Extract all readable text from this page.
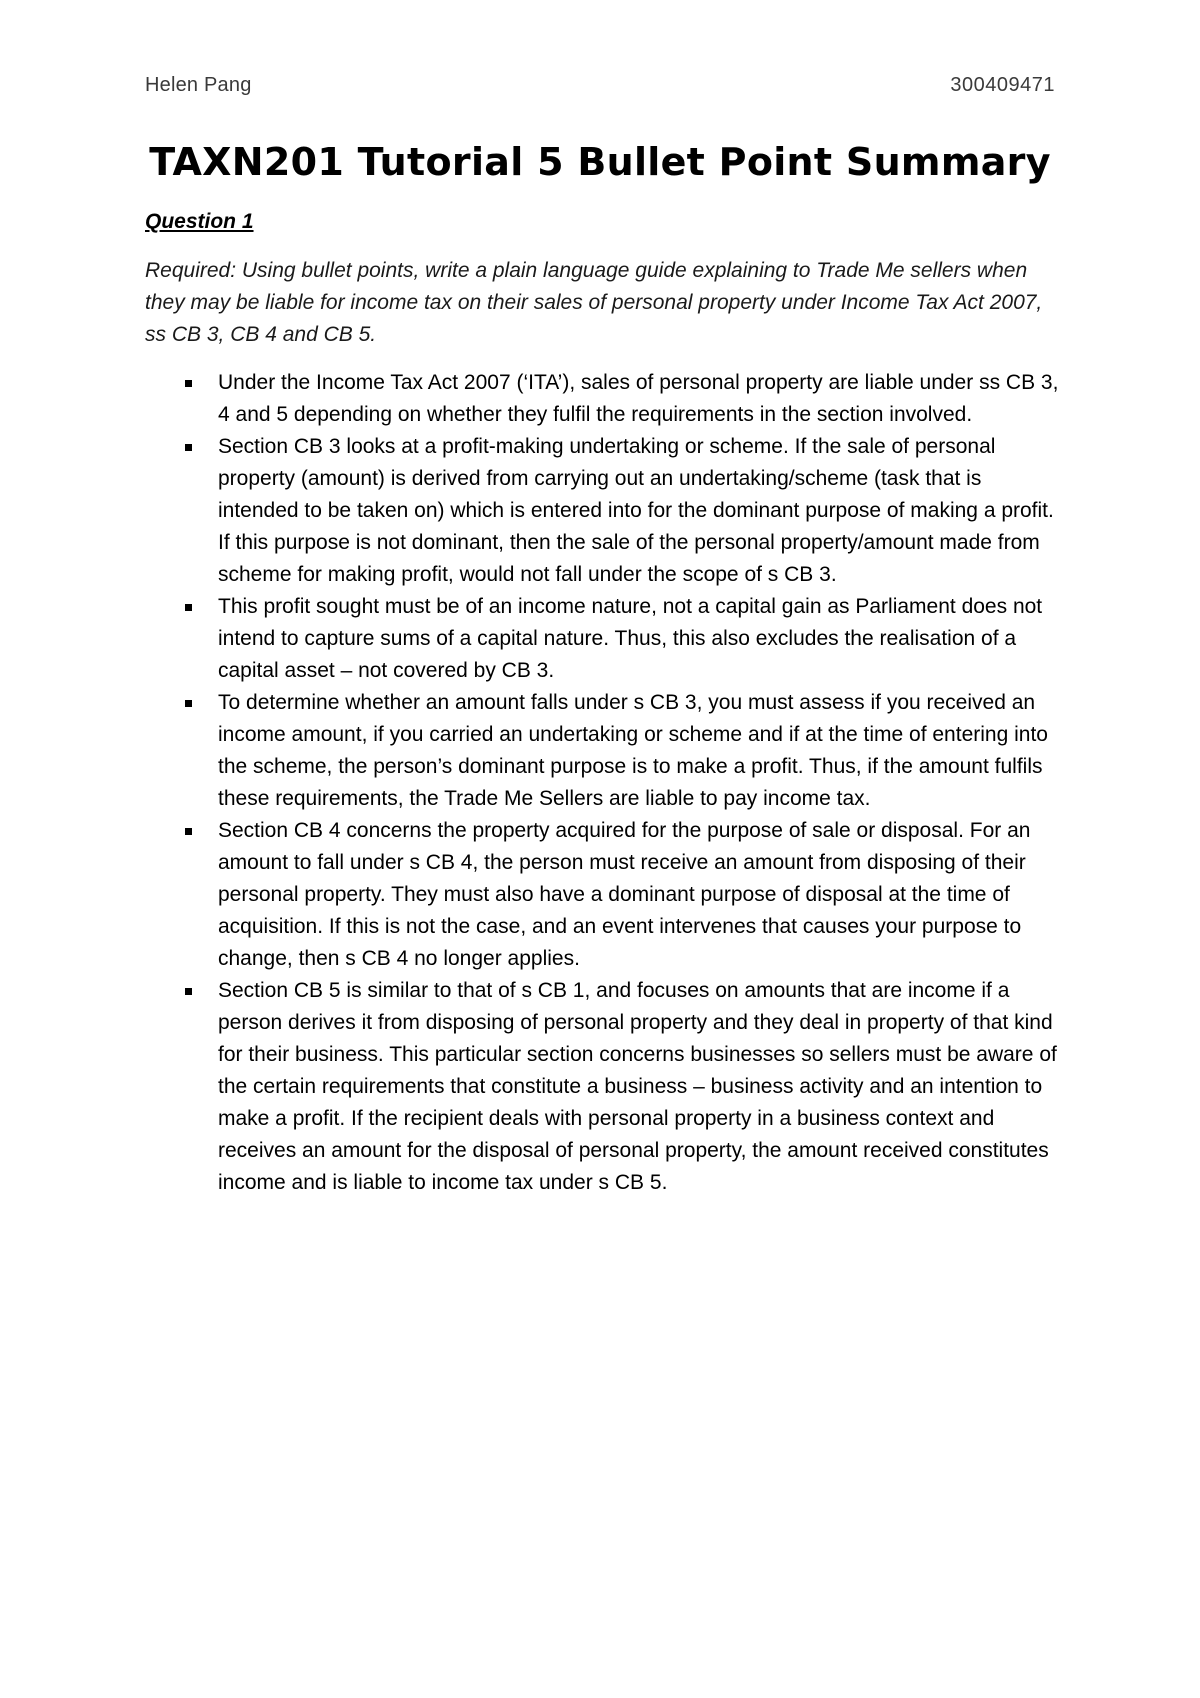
Helen Pang	300409471
TAXN201 Tutorial 5 Bullet Point Summary
Question 1
Required: Using bullet points, write a plain language guide explaining to Trade Me sellers when they may be liable for income tax on their sales of personal property under Income Tax Act 2007, ss CB 3, CB 4 and CB 5.
Under the Income Tax Act 2007 (‘ITA’), sales of personal property are liable under ss CB 3, 4 and 5 depending on whether they fulfil the requirements in the section involved.
Section CB 3 looks at a profit-making undertaking or scheme. If the sale of personal property (amount) is derived from carrying out an undertaking/scheme (task that is intended to be taken on) which is entered into for the dominant purpose of making a profit. If this purpose is not dominant, then the sale of the personal property/amount made from scheme for making profit, would not fall under the scope of s CB 3.
This profit sought must be of an income nature, not a capital gain as Parliament does not intend to capture sums of a capital nature. Thus, this also excludes the realisation of a capital asset – not covered by CB 3.
To determine whether an amount falls under s CB 3, you must assess if you received an income amount, if you carried an undertaking or scheme and if at the time of entering into the scheme, the person’s dominant purpose is to make a profit. Thus, if the amount fulfils these requirements, the Trade Me Sellers are liable to pay income tax.
Section CB 4 concerns the property acquired for the purpose of sale or disposal. For an amount to fall under s CB 4, the person must receive an amount from disposing of their personal property. They must also have a dominant purpose of disposal at the time of acquisition. If this is not the case, and an event intervenes that causes your purpose to change, then s CB 4 no longer applies.
Section CB 5 is similar to that of s CB 1, and focuses on amounts that are income if a person derives it from disposing of personal property and they deal in property of that kind for their business. This particular section concerns businesses so sellers must be aware of the certain requirements that constitute a business – business activity and an intention to make a profit. If the recipient deals with personal property in a business context and receives an amount for the disposal of personal property, the amount received constitutes income and is liable to income tax under s CB 5.
